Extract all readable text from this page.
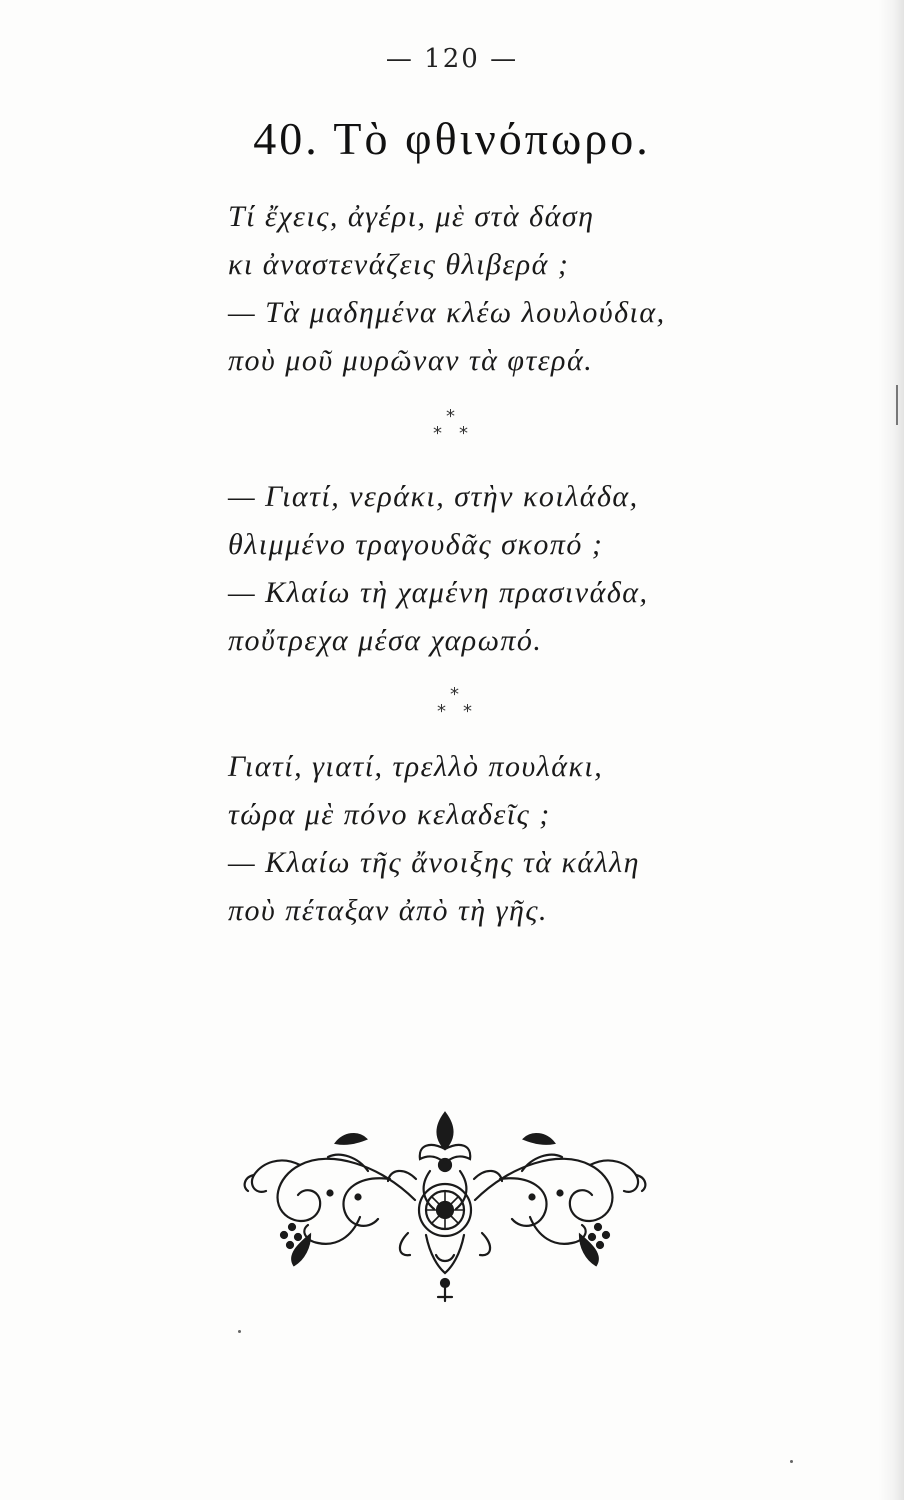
— 120 —
40. Τὸ φθινόπωρο.
Τί ἔχεις, ἀγέρι, μὲ στὰ δάση
κι ἀναστενάζεις θλιβερά ;
— Τὰ μαδημένα κλέω λουλούδια,
ποὺ μοῦ μυρῶναν τὰ φτερά.
*
* *
— Γιατί, νεράκι, στὴν κοιλάδα,
θλιμμένο τραγουδᾶς σκοπό ;
— Κλαίω τὴ χαμένη πρασινάδα,
ποὔτρεχα μέσα χαρωπό.
*
* *
Γιατί, γιατί, τρελλὸ πουλάκι,
τώρα μὲ πόνο κελαδεῖς ;
— Κλαίω τῆς ἄνοιξης τὰ κάλλη
ποὺ πέταξαν ἀπὸ τὴ γῆς.
